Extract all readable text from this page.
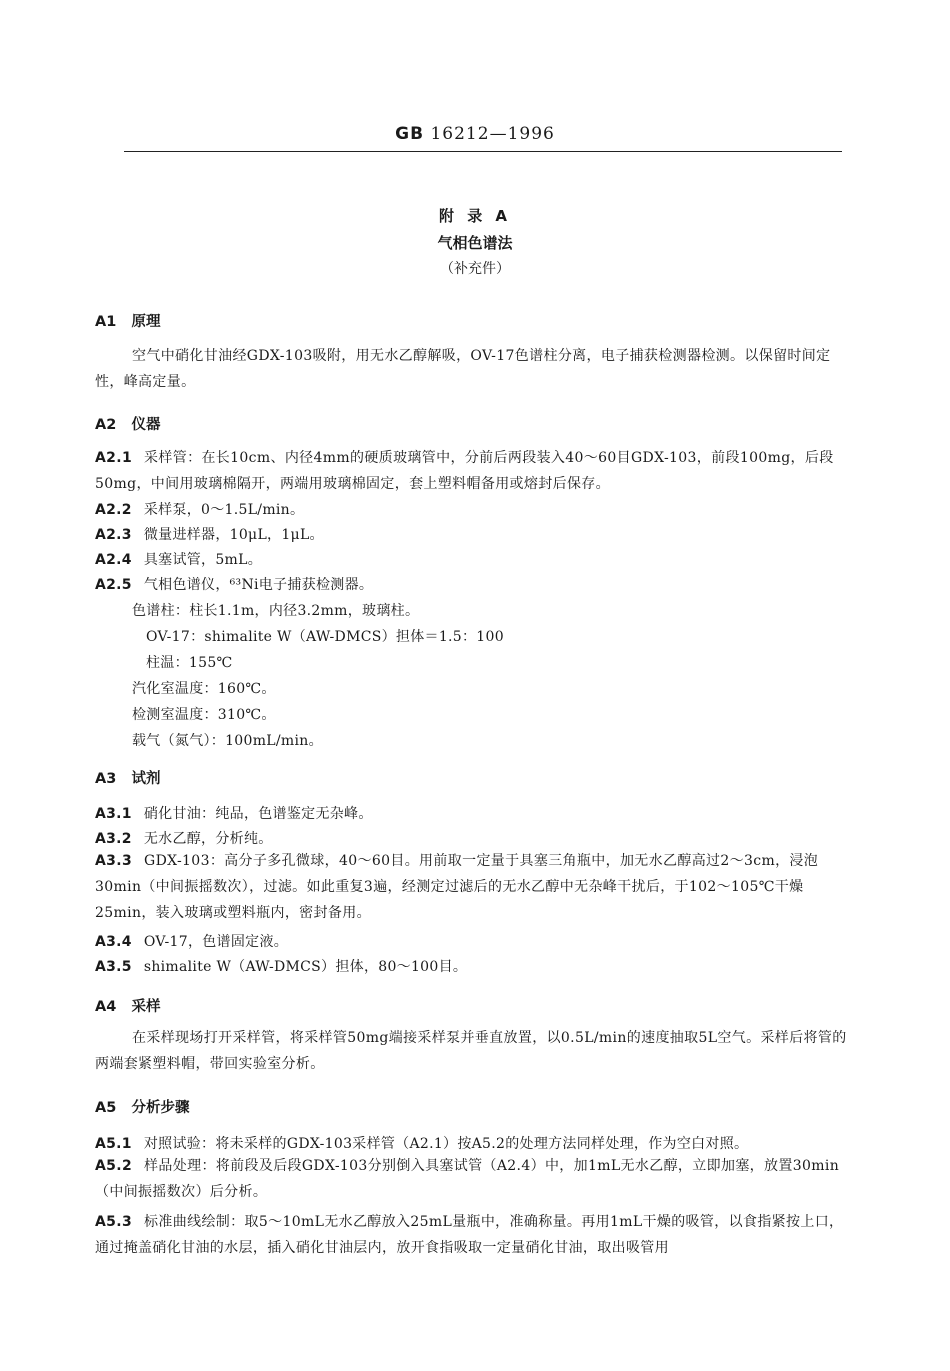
GB 16212—1996
附 录 A
气相色谱法
（补充件）
A1 原理
空气中硝化甘油经GDX-103吸附，用无水乙醇解吸，OV-17色谱柱分离，电子捕获检测器检测。以保留时间定性，峰高定量。
A2 仪器
A2.1 采样管：在长10cm、内径4mm的硬质玻璃管中，分前后两段装入40～60目GDX-103，前段100mg，后段50mg，中间用玻璃棉隔开，两端用玻璃棉固定，套上塑料帽备用或熔封后保存。
A2.2 采样泵，0～1.5L/min。
A2.3 微量进样器，10μL，1μL。
A2.4 具塞试管，5mL。
A2.5 气相色谱仪，⁶³Ni电子捕获检测器。
色谱柱：柱长1.1m，内径3.2mm，玻璃柱。
OV-17：shimalite W（AW-DMCS）担体＝1.5：100
柱温：155℃
汽化室温度：160℃。
检测室温度：310℃。
载气（氮气）：100mL/min。
A3 试剂
A3.1 硝化甘油：纯品，色谱鉴定无杂峰。
A3.2 无水乙醇，分析纯。
A3.3 GDX-103：高分子多孔微球，40～60目。用前取一定量于具塞三角瓶中，加无水乙醇高过2～3cm，浸泡30min（中间振摇数次），过滤。如此重复3遍，经测定过滤后的无水乙醇中无杂峰干扰后，于102～105℃干燥25min，装入玻璃或塑料瓶内，密封备用。
A3.4 OV-17，色谱固定液。
A3.5 shimalite W（AW-DMCS）担体，80～100目。
A4 采样
在采样现场打开采样管，将采样管50mg端接采样泵并垂直放置，以0.5L/min的速度抽取5L空气。采样后将管的两端套紧塑料帽，带回实验室分析。
A5 分析步骤
A5.1 对照试验：将未采样的GDX-103采样管（A2.1）按A5.2的处理方法同样处理，作为空白对照。
A5.2 样品处理：将前段及后段GDX-103分别倒入具塞试管（A2.4）中，加1mL无水乙醇，立即加塞，放置30min（中间振摇数次）后分析。
A5.3 标准曲线绘制：取5～10mL无水乙醇放入25mL量瓶中，准确称量。再用1mL干燥的吸管，以食指紧按上口，通过掩盖硝化甘油的水层，插入硝化甘油层内，放开食指吸取一定量硝化甘油，取出吸管用
